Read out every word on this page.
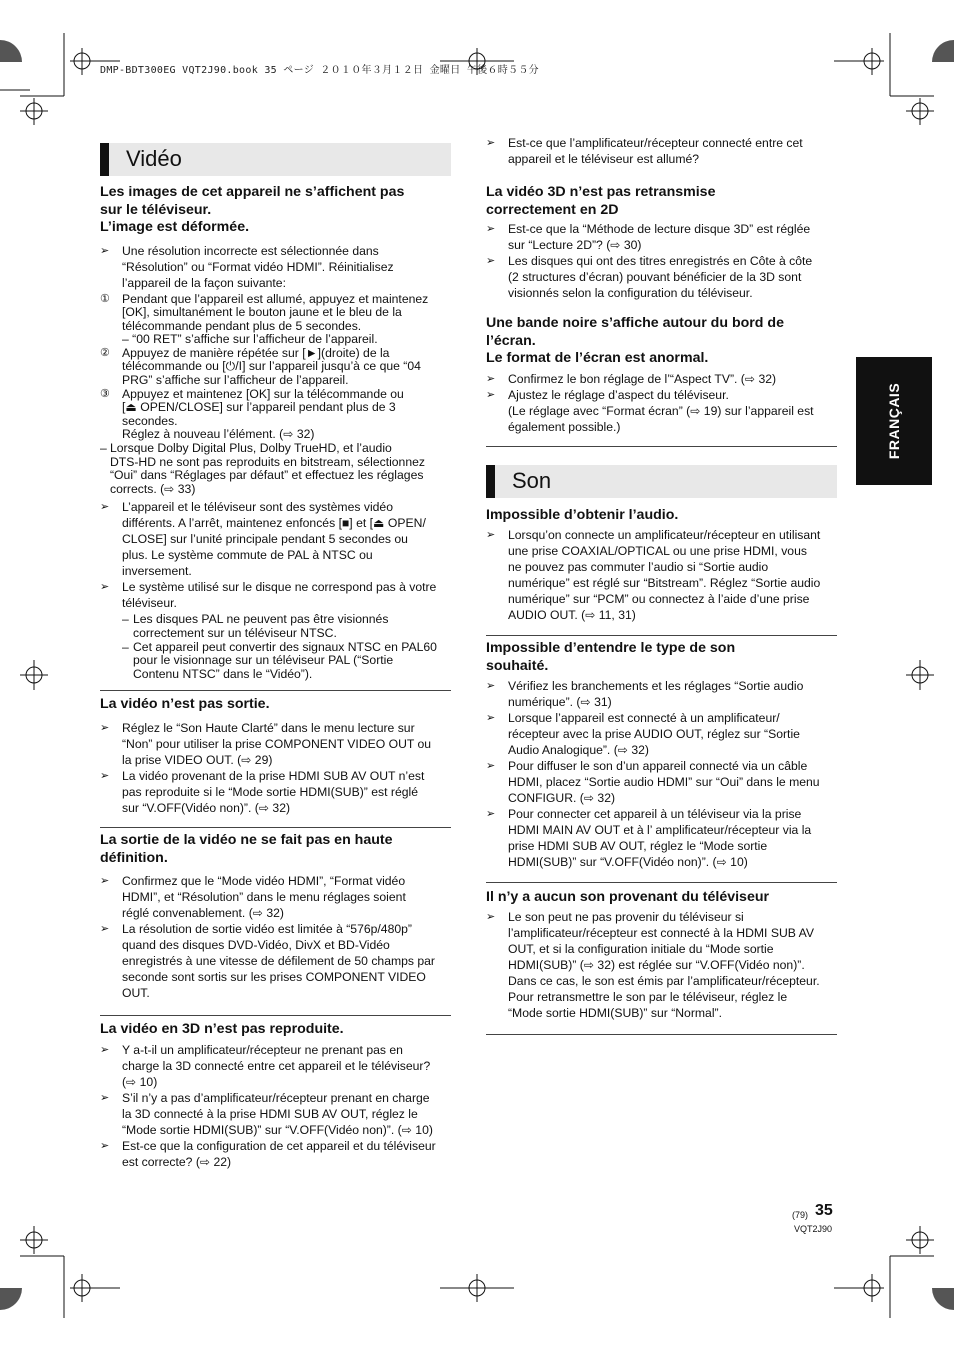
DMP-BDT300EG VQT2J90.book 35 ページ ２０１０年３月１２日 金曜日 午後６時５５分
Vidéo

Les images de cet appareil ne s’affichent pas
sur le téléviseur.
L’image est déformée.

➢ Une résolution incorrecte est sélectionnée dans
“Résolution” ou “Format vidéo HDMI”. Réinitialisez
l’appareil de la façon suivante:
① Pendant que l’appareil est allumé, appuyez et maintenez
[OK], simultanément le bouton jaune et le bleu de la
télécommande pendant plus de 5 secondes.
– “00 RET” s’affiche sur l’afficheur de l’appareil.
② Appuyez de manière répétée sur [►](droite) de la
télécommande ou [⏻/I] sur l’appareil jusqu’à ce que “04
PRG” s’affiche sur l’afficheur de l’appareil.
③ Appuyez et maintenez [OK] sur la télécommande ou
[⏏ OPEN/CLOSE] sur l’appareil pendant plus de 3
secondes.
Réglez à nouveau l’élément. (⇨ 32)
– Lorsque Dolby Digital Plus, Dolby TrueHD, et l’audio
DTS-HD ne sont pas reproduits en bitstream, sélectionnez
“Oui” dans “Réglages par défaut” et effectuez les réglages
corrects. (⇨ 33)
➢ L’appareil et le téléviseur sont des systèmes vidéo
différents. A l’arrêt, maintenez enfoncés [■] et [⏏ OPEN/
CLOSE] sur l’unité principale pendant 5 secondes ou
plus. Le système commute de PAL à NTSC ou
inversement.
➢ Le système utilisé sur le disque ne correspond pas à votre
téléviseur.
– Les disques PAL ne peuvent pas être visionnés
correctement sur un téléviseur NTSC.
– Cet appareil peut convertir des signaux NTSC en PAL60
pour le visionnage sur un téléviseur PAL (“Sortie
Contenu NTSC” dans le “Vidéo”).

La vidéo n’est pas sortie.

➢ Réglez le “Son Haute Clarté” dans le menu lecture sur
“Non” pour utiliser la prise COMPONENT VIDEO OUT ou
la prise VIDEO OUT. (⇨ 29)
➢ La vidéo provenant de la prise HDMI SUB AV OUT n’est
pas reproduite si le “Mode sortie HDMI(SUB)” est réglé
sur “V.OFF(Vidéo non)”. (⇨ 32)

La sortie de la vidéo ne se fait pas en haute
définition.

➢ Confirmez que le “Mode vidéo HDMI”, “Format vidéo
HDMI”, et “Résolution” dans le menu réglages soient
réglé convenablement. (⇨ 32)
➢ La résolution de sortie vidéo est limitée à “576p/480p”
quand des disques DVD-Vidéo, DivX et BD-Vidéo
enregistrés à une vitesse de défilement de 50 champs par
seconde sont sortis sur les prises COMPONENT VIDEO
OUT.

La vidéo en 3D n’est pas reproduite.

➢ Y a-t-il un amplificateur/récepteur ne prenant pas en
charge la 3D connecté entre cet appareil et le téléviseur?
(⇨ 10)
➢ S’il n’y a pas d’amplificateur/récepteur prenant en charge
la 3D connecté à la prise HDMI SUB AV OUT, réglez le
“Mode sortie HDMI(SUB)” sur “V.OFF(Vidéo non)”. (⇨ 10)
➢ Est-ce que la configuration de cet appareil et du téléviseur
est correcte? (⇨ 22)
➢ Est-ce que l’amplificateur/récepteur connecté entre cet
appareil et le téléviseur est allumé?

La vidéo 3D n’est pas retransmise
correctement en 2D

➢ Est-ce que la “Méthode de lecture disque 3D” est réglée
sur “Lecture 2D”? (⇨ 30)
➢ Les disques qui ont des titres enregistrés en Côte à côte
(2 structures d’écran) pouvant bénéficier de la 3D sont
visionnés selon la configuration du téléviseur.

Une bande noire s’affiche autour du bord de
l’écran.
Le format de l’écran est anormal.

➢ Confirmez le bon réglage de l’“Aspect TV”. (⇨ 32)
➢ Ajustez le réglage d’aspect du téléviseur.
(Le réglage avec “Format écran” (⇨ 19) sur l’appareil est
également possible.)
Son

Impossible d’obtenir l’audio.

➢ Lorsqu’on connecte un amplificateur/récepteur en utilisant
une prise COAXIAL/OPTICAL ou une prise HDMI, vous
ne pouvez pas commuter l’audio si “Sortie audio
numérique” est réglé sur “Bitstream”. Réglez “Sortie audio
numérique” sur “PCM” ou connectez à l’aide d’une prise
AUDIO OUT. (⇨ 11, 31)

Impossible d’entendre le type de son
souhaité.

➢ Vérifiez les branchements et les réglages “Sortie audio
numérique”. (⇨ 31)
➢ Lorsque l’appareil est connecté à un amplificateur/
récepteur avec la prise AUDIO OUT, réglez sur “Sortie
Audio Analogique”. (⇨ 32)
➢ Pour diffuser le son d’un appareil connecté via un câble
HDMI, placez “Sortie audio HDMI” sur “Oui” dans le menu
CONFIGUR. (⇨ 32)
➢ Pour connecter cet appareil à un téléviseur via la prise
HDMI MAIN AV OUT et à l’ amplificateur/récepteur via la
prise HDMI SUB AV OUT, réglez le “Mode sortie
HDMI(SUB)” sur “V.OFF(Vidéo non)”. (⇨ 10)

Il n’y a aucun son provenant du téléviseur

➢ Le son peut ne pas provenir du téléviseur si
l’amplificateur/récepteur est connecté à la HDMI SUB AV
OUT, et si la configuration initiale du “Mode sortie
HDMI(SUB)” (⇨ 32) est réglée sur “V.OFF(Vidéo non)”.
Dans ce cas, le son est émis par l’amplificateur/récepteur.
Pour retransmettre le son par le téléviseur, réglez le
“Mode sortie HDMI(SUB)” sur “Normal”.
FRANÇAIS
(79) 35
VQT2J90
